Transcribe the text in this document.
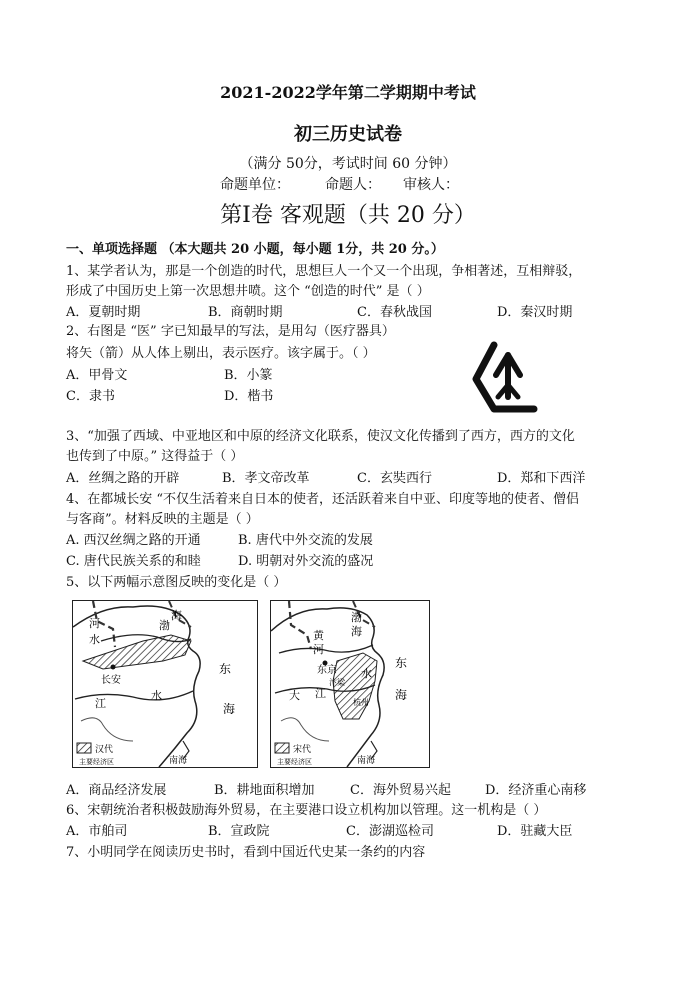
2021-2022学年第二学期期中考试
初三历史试卷
（满分 50分，考试时间 60 分钟）
命题单位：	命题人： 审核人：
第Ⅰ卷 客观题（共 20 分）
一、单项选择题 （本大题共 20 小题，每小题 1分，共 20 分。）
1、某学者认为，那是一个创造的时代，思想巨人一个又一个出现，争相著述，互相辩驳，
形成了中国历史上第一次思想井喷。这个 “创造的时代” 是（ ）
A．夏朝时期	B．商朝时期	C．春秋战国	D．秦汉时期
2、右图是 “医” 字已知最早的写法，是用勾（医疗器具）
将矢（箭）从人体上剔出，表示医疗。该字属于。（ ）
A．甲骨文	B．小篆
C．隶书	D．楷书
3、“加强了西域、中亚地区和中原的经济文化联系，使汉文化传播到了西方，西方的文化
也传到了中原。” 这得益于（ ）
A．丝绸之路的开辟	B．孝文帝改革	C．玄奘西行	D．郑和下西洋
4、在都城长安 “不仅生活着来自日本的使者，还活跃着来自中亚、印度等地的使者、僧侣
与客商”。材料反映的主题是（ ）
A. 西汉丝绸之路的开通	B. 唐代中外交流的发展
C. 唐代民族关系的和睦	D. 明朝对外交流的盛况
5、以下两幅示意图反映的变化是（ ）
河
水
渤
海
东
海
长安
江
水
南海
汉代
主要经济区
渤
海
黄
河
东
海
东京
汴梁
水
大 江
杭州
南海
宋代
主要经济区
A．商品经济发展	B．耕地面积增加	C．海外贸易兴起	D．经济重心南移
6、宋朝统治者积极鼓励海外贸易，在主要港口设立机构加以管理。这一机构是（ ）
A．市舶司	B．宣政院	C．澎湖巡检司	D．驻藏大臣
7、小明同学在阅读历史书时，看到中国近代史某一条约的内容
